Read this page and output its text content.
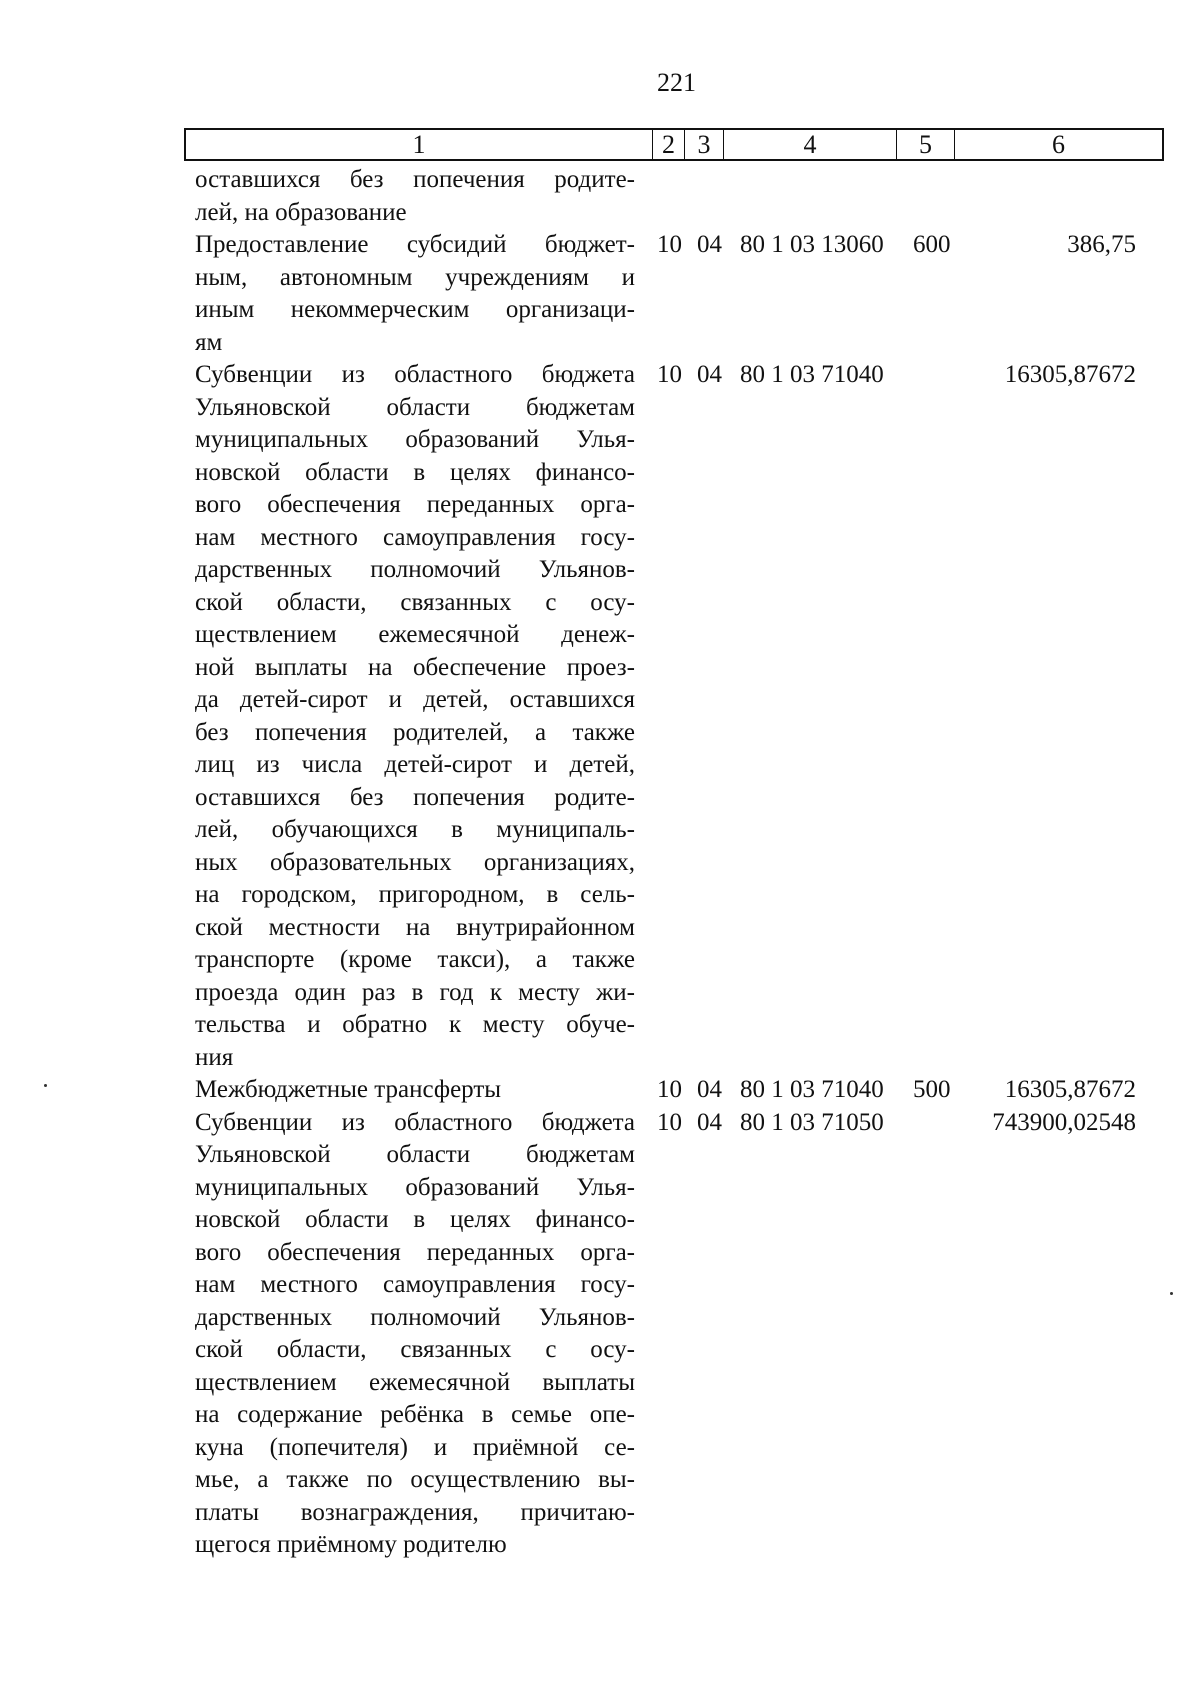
221
1	2 3	4	5	6
оставшихся без попечения родите-
лей, на образование
Предоставление субсидий бюджет-
ным, автономным учреждениям и
иным некоммерческим организаци-
ям
10 04 80 1 03 13060 600	386,75
Субвенции из областного бюджета
Ульяновской области бюджетам
муниципальных образований Улья-
новской области в целях финансо-
вого обеспечения переданных орга-
нам местного самоуправления госу-
дарственных полномочий Ульянов-
ской области, связанных с осу-
ществлением ежемесячной денеж-
ной выплаты на обеспечение проез-
да детей-сирот и детей, оставшихся
без попечения родителей, а также
лиц из числа детей-сирот и детей,
оставшихся без попечения родите-
лей, обучающихся в муниципаль-
ных образовательных организациях,
на городском, пригородном, в сель-
ской местности на внутрирайонном
транспорте (кроме такси), а также
проезда один раз в год к месту жи-
тельства и обратно к месту обуче-
ния
10 04 80 1 03 71040	16305,87672
Межбюджетные трансферты	10 04 80 1 03 71040 500 16305,87672
Субвенции из областного бюджета
Ульяновской области бюджетам
муниципальных образований Улья-
новской области в целях финансо-
вого обеспечения переданных орга-
нам местного самоуправления госу-
дарственных полномочий Ульянов-
ской области, связанных с осу-
ществлением ежемесячной выплаты
на содержание ребёнка в семье опе-
куна (попечителя) и приёмной се-
мье, а также по осуществлению вы-
платы вознаграждения, причитаю-
щегося приёмному родителю
10 04 80 1 03 71050	743900,02548
